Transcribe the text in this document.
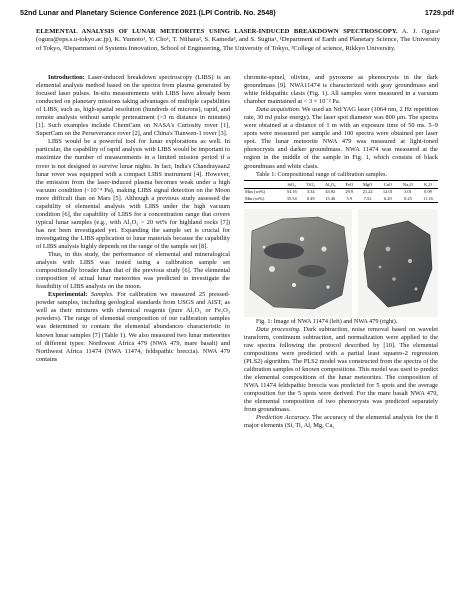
52nd Lunar and Planetary Science Conference 2021 (LPI Contrib. No. 2548)	1729.pdf
ELEMENTAL ANALYSIS OF LUNAR METEORITES USING LASER-INDUCED BREAKDOWN SPECTROSCOPY. A. J. Ogura¹ (ogura@eps.s.u-tokyo.ac.jp), K. Yumoto¹, Y. Cho¹, T. Niihara², S. Kameda³, and S. Sugita¹, ¹Department of Earth and Planetary Science, The University of Tokyo, ²Department of Systems Innovation, School of Engineering, The University of Tokyo, ³College of science, Rikkyo University.

Introduction: Laser-induced breakdown spectroscopy (LIBS) is an elemental analysis method based on the spectra from plasma generated by focused laser pulses. In-situ measurements with LIBS have already been conducted on planetary missions taking advantages of multiple capabilities of LIBS, such as, high-spatial resolution (hundreds of microns), rapid, and remote analysis without sample pretreatment (>3 m distance in minutes) [1]. Such examples include ChemCam on NASA's Curiosity rover [1], SuperCam on the Perseverance rover [2], and China's Tianwen-1 rover [3].

LIBS would be a powerful tool for lunar explorations as well. In particular, the capability of rapid analysis with LIBS would be important to maximize the number of measurements in a limited mission period if a rover is not designed to survive lunar nights. In fact, India's Chandrayaan2 lunar rover was equipped with a compact LIBS instrument [4]. However, the emission from the laser-induced plasma becomes weak under a high vacuum condition (<10⁻⁴ Pa), making LIBS signal detection on the Moon more difficult than on Mars [5]. Although a previous study assessed the capability of elemental analysis with LIBS under the high vacuum condition [6], the capability of LIBS for a concentration range that covers typical lunar samples (e.g., with Al₂O₃ > 20 wt% for highland rocks [7]) has not been investigated yet. Expanding the sample set is crucial for investigating the LIBS application to lunar materials because the capability of LIBS analysis highly depends on the range of the sample set [8].

Thus, in this study, the performance of elemental and mineralogical analysis with LIBS was tested using a calibration sample set compositionally broader than that of the previous study [6]. The elemental composition of actual lunar meteorites was predicted to investigate the feasibility of LIBS analysis on the moon.

Experimental: Samples. For calibration we measured 25 pressed-powder samples, including geological standards from USGS and AIST, as well as their mixtures with chemical reagents (pure Al₂O₃ or Fe₂O₃ powders). The range of elemental composition of our calibration samples was determined to contain the elemental abundances characteristic to known lunar samples [7] (Table 1). We also measured two lunar meteorites of different types: Northwest Africa 479 (NWA 479, mare basalt) and Northwest Africa 11474 (NWA 11474, feldspathic breccia). NWA 479 contains

chromite-spinel, olivine, and pyroxene as phenocrysts in the dark groundmass [9]. NWA11474 is characterized with gray groundmass and white feldspathic clasts (Fig. 1). All samples were measured in a vacuum chamber maintained at < 3 × 10⁻² Pa.

Data acquisition. We used an Nd:YAG laser (1064 nm, 2 Hz repetition rate, 30 mJ pulse energy). The laser spot diameter was 800 μm. The spectra were obtained at a distance of 1 m with an exposure time of 50 ms. 5–9 spots were measured per sample and 100 spectra were obtained per laser spot. The lunar meteorite NWA 479 was measured at light-toned phenocrysts and darker groundmass. NWA 11474 was measured at the region in the middle of the sample in Fig. 1, which consists of black groundmass and white clasts.

Table 1: Compositional range of calibration samples.

	SiO₂	TiO₂	Al₂O₃	FeO	MgO	CaO	Na₂O	K₂O
Max (wt%)	54.16	3.34	43.92	29.9	21.22	12.01	3.01	0.09
Min (wt%)	35.54	0.49	15.46	5.9	7.52	6.20	0.25	11.16

Fig. 1: Image of NWA 11474 (left) and NWA 479 (right).

Data processing. Dark subtraction, noise removal based on wavelet transform, continuum subtraction, and normalization were applied to the raw spectra following the protocol described by [10]. The elemental compositions were predicted with a partial least squares-2 regression (PLS2) algorithm. The PLS2 model was constructed from the spectra of the calibration samples of known compositions. This model was used to predict the elemental compositions of the lunar meteorites. The composition of NWA 11474 feldspathic breccia was predicted for 5 spots and the average composition for the 5 spots were derived. For the mare basalt NWA 479, the elemental composition of two phenocrysts was predicted separately from groundmass.

Prediction Accuracy. The accuracy of the elemental analysis for the 8 major elements (Si, Ti, Al, Mg, Ca,
